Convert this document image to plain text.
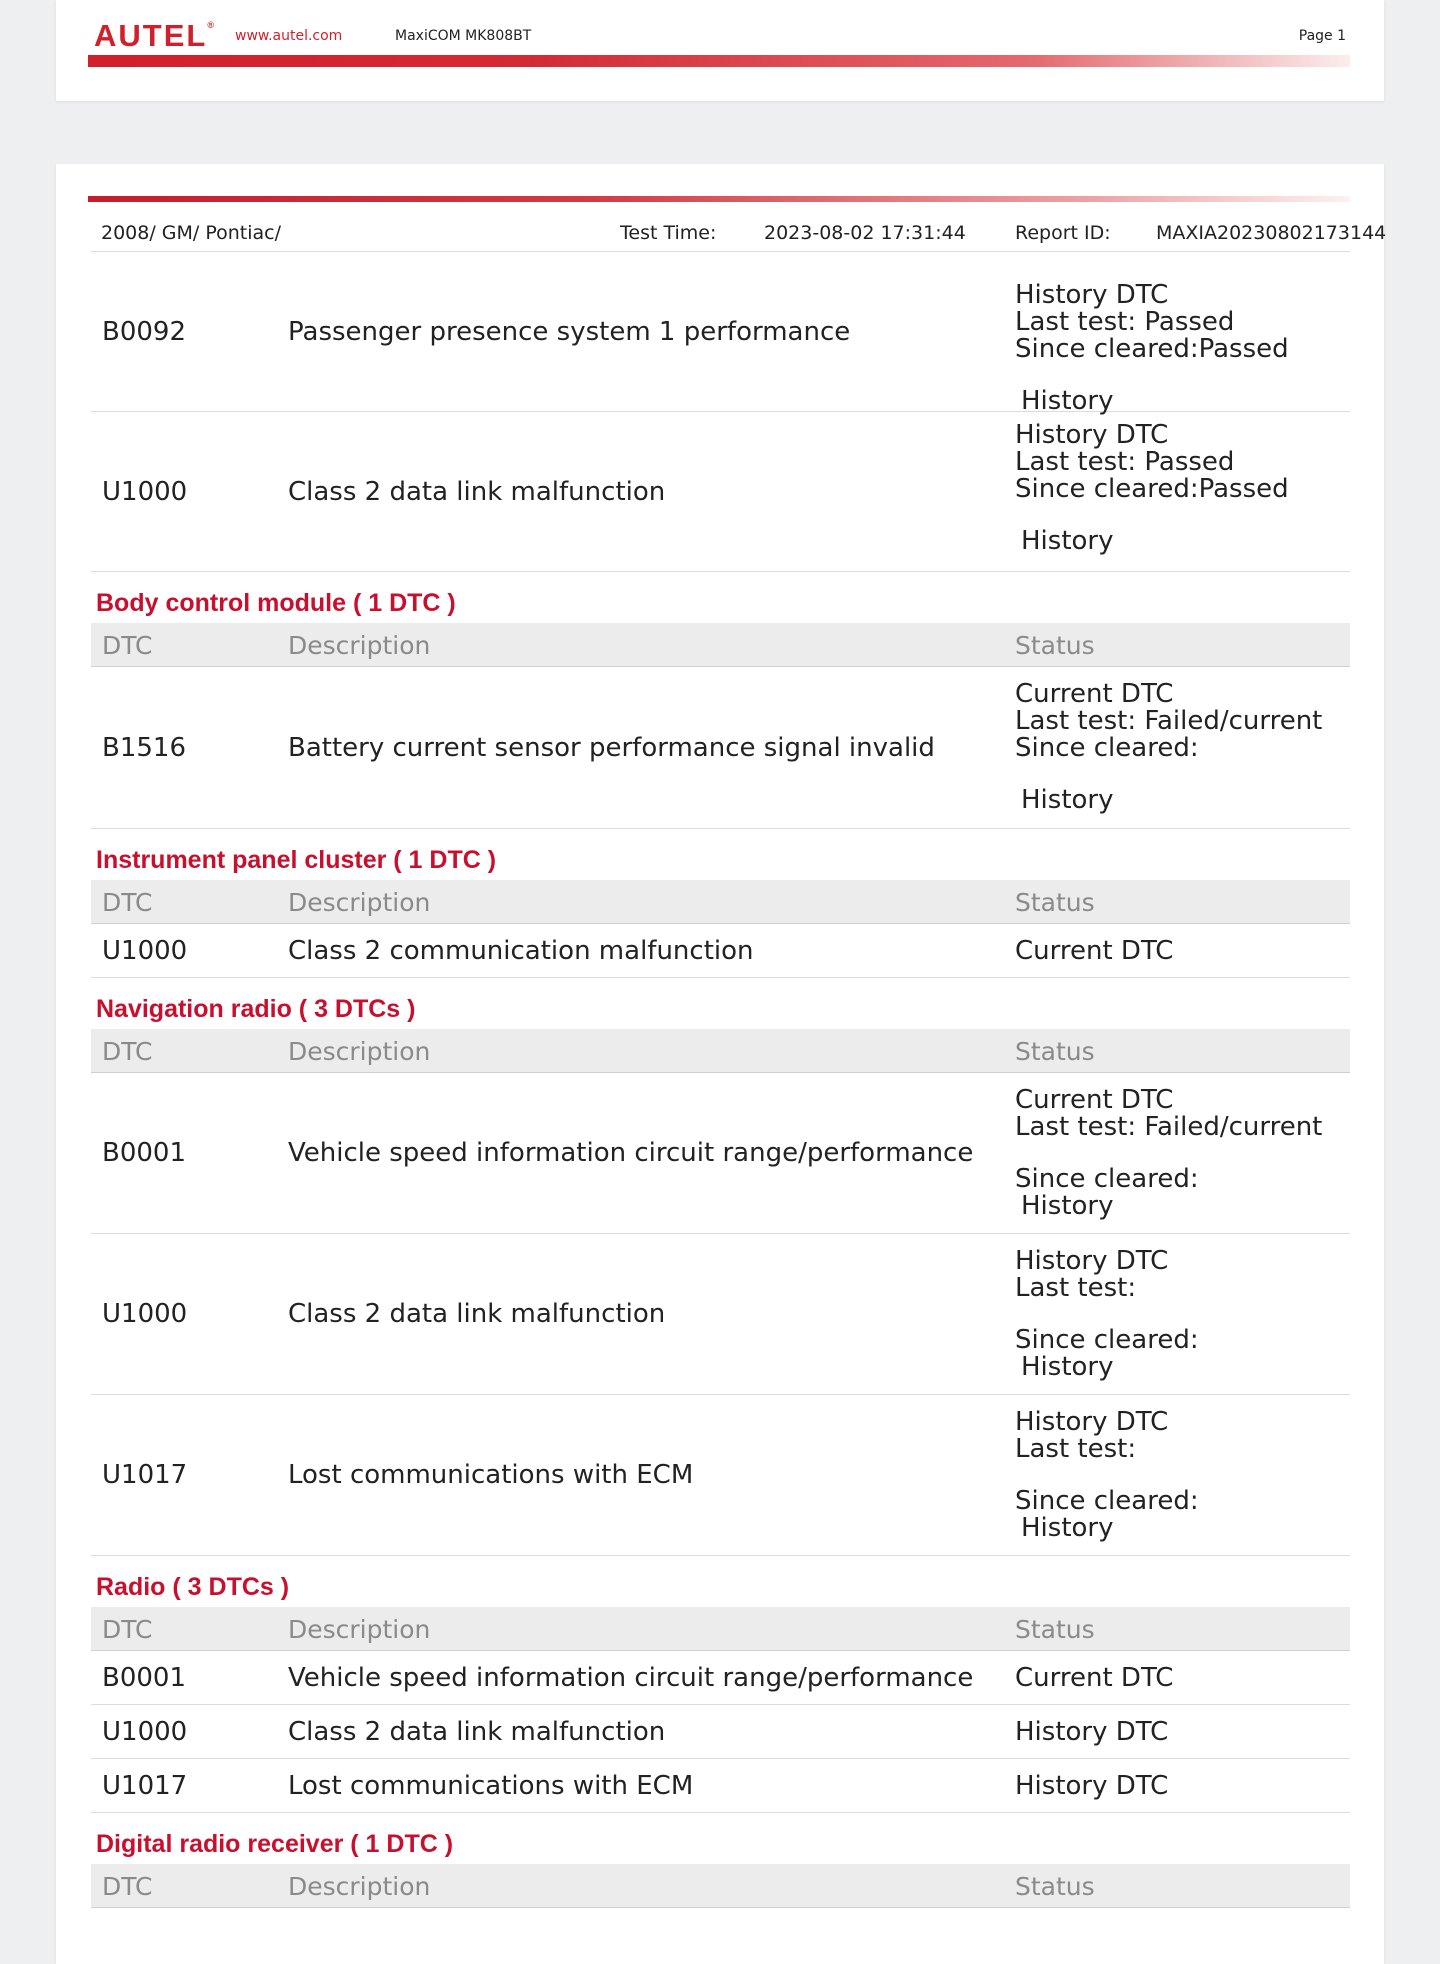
AUTEL®
www.autel.com	MaxiCOM MK808BT	Page 1
2008/ GM/ Pontiac/	Test Time:	2023-08-02 17:31:44	Report ID: MAXIA20230802173144
B0092	Passenger presence system 1 performance
History DTC
Last test: Passed
Since cleared:Passed
History
U1000	Class 2 data link malfunction
History DTC
Last test: Passed
Since cleared:Passed
History
Body control module ( 1 DTC )
DTC	Description	Status
B1516	Battery current sensor performance signal invalid
Current DTC
Last test: Failed/current
Since cleared:
History
Instrument panel cluster ( 1 DTC )
DTC	Description	Status
U1000	Class 2 communication malfunction	Current DTC
Navigation radio ( 3 DTCs )
DTC	Description	Status
B0001	Vehicle speed information circuit range/performance
Current DTC
Last test: Failed/current
Since cleared:
History
U1000	Class 2 data link malfunction
History DTC
Last test:
Since cleared:
History
U1017	Lost communications with ECM
History DTC
Last test:
Since cleared:
History
Radio ( 3 DTCs )
DTC	Description	Status
B0001	Vehicle speed information circuit range/performance Current DTC
U1000	Class 2 data link malfunction	History DTC
U1017	Lost communications with ECM	History DTC
Digital radio receiver ( 1 DTC )
DTC	Description	Status
